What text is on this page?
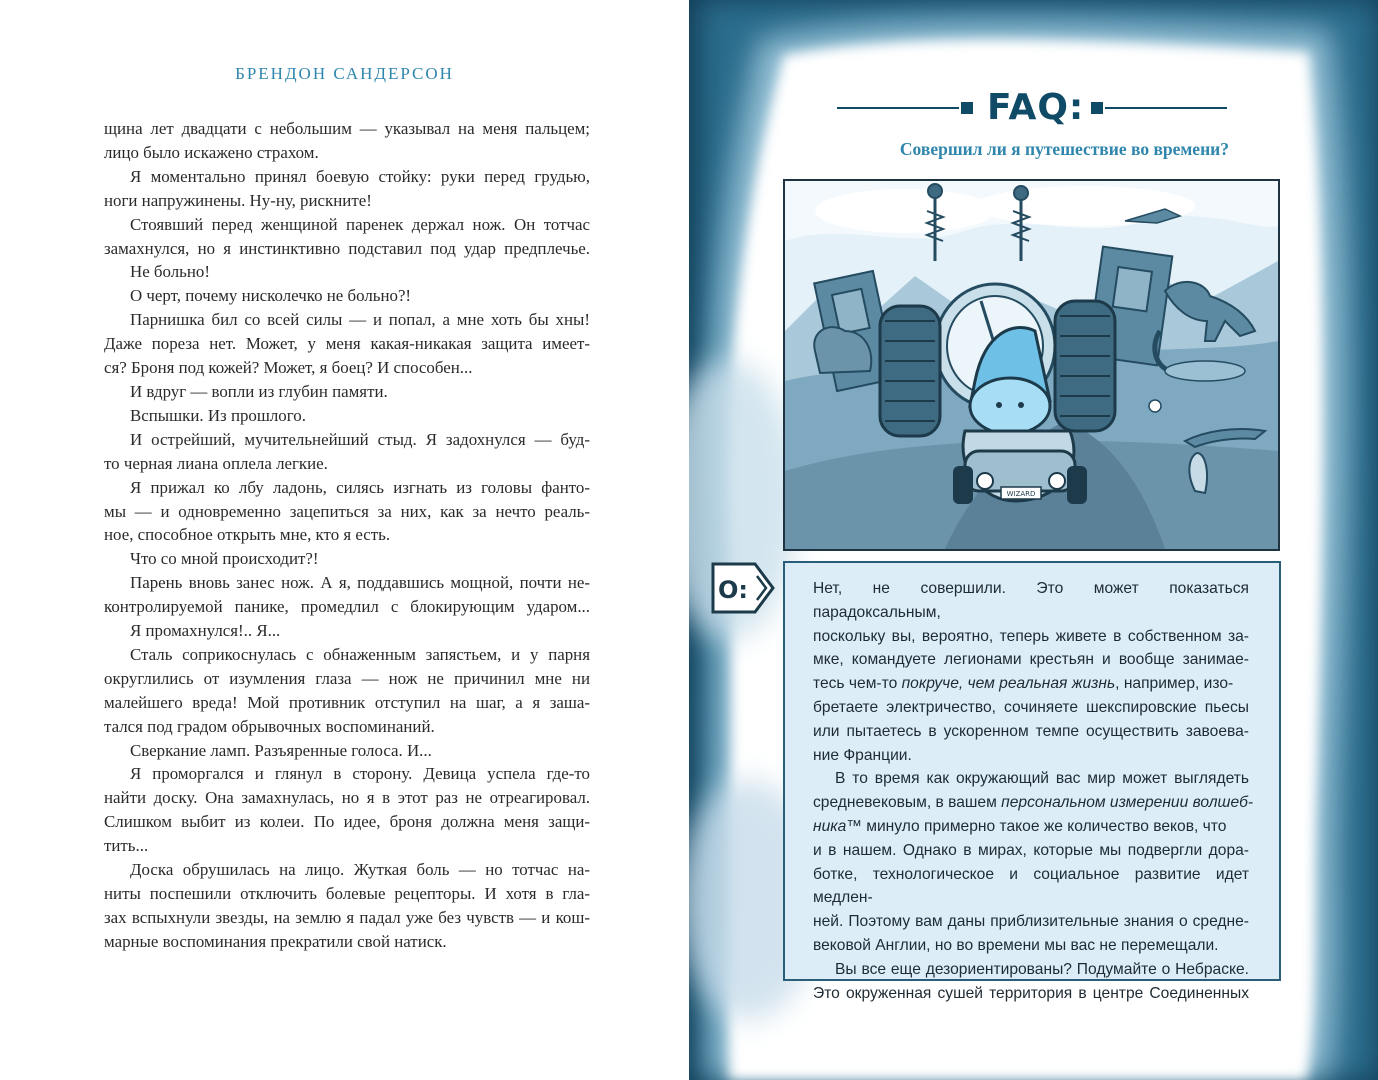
БРЕНДОН САНДЕРСОН
щина лет двадцати с небольшим — указывал на меня пальцем;
лицо было искажено страхом.
Я моментально принял боевую стойку: руки перед грудью,
ноги напружинены. Ну-ну, рискните!
Стоявший перед женщиной паренек держал нож. Он тотчас
замахнулся, но я инстинктивно подставил под удар предплечье.
Не больно!
О черт, почему нисколечко не больно?!
Парнишка бил со всей силы — и попал, а мне хоть бы хны!
Даже пореза нет. Может, у меня какая-никакая защита имеет-
ся? Броня под кожей? Может, я боец? И способен...
И вдруг — вопли из глубин памяти.
Вспышки. Из прошлого.
И острейший, мучительнейший стыд. Я задохнулся — буд-
то черная лиана оплела легкие.
Я прижал ко лбу ладонь, силясь изгнать из головы фанто-
мы — и одновременно зацепиться за них, как за нечто реаль-
ное, способное открыть мне, кто я есть.
Что со мной происходит?!
Парень вновь занес нож. А я, поддавшись мощной, почти не-
контролируемой панике, промедлил с блокирующим ударом...
Я промахнулся!.. Я...
Сталь соприкоснулась с обнаженным запястьем, и у парня
округлились от изумления глаза — нож не причинил мне ни
малейшего вреда! Мой противник отступил на шаг, а я зашa-
тался под градом обрывочных воспоминаний.
Сверкание ламп. Разъяренные голоса. И...
Я проморгался и глянул в сторону. Девица успела где-то
найти доску. Она замахнулась, но я в этот раз не отреагировал.
Слишком выбит из колеи. По идее, броня должна меня защи-
тить...
Доска обрушилась на лицо. Жуткая боль — но тотчас на-
ниты поспешили отключить болевые рецепторы. И хотя в гла-
зах вспыхнули звезды, на землю я падал уже без чувств — и кош-
марные воспоминания прекратили свой натиск.
FAQ:
Совершил ли я путешествие во времени?
WIZARD
О:	Нет, не совершили. Это может показаться парадоксальным,
поскольку вы, вероятно, теперь живете в собственном за-
мке, командуете легионами крестьян и вообще занимае-
тесь чем-то покруче, чем реальная жизнь, например, изо-
бретаете электричество, сочиняете шекспировские пьесы
или пытаетесь в ускоренном темпе осуществить завоева-
ние Франции.
В то время как окружающий вас мир может выглядеть
средневековым, в вашем персональном измерении волшеб-
ника™ минуло примерно такое же количество веков, что
и в нашем. Однако в мирах, которые мы подвергли дора-
ботке, технологическое и социальное развитие идет медлен-
ней. Поэтому вам даны приблизительные знания о средне-
вековой Англии, но во времени мы вас не перемещали.
Вы все еще дезориентированы? Подумайте о Небраске.
Это окруженная сушей территория в центре Соединенных
